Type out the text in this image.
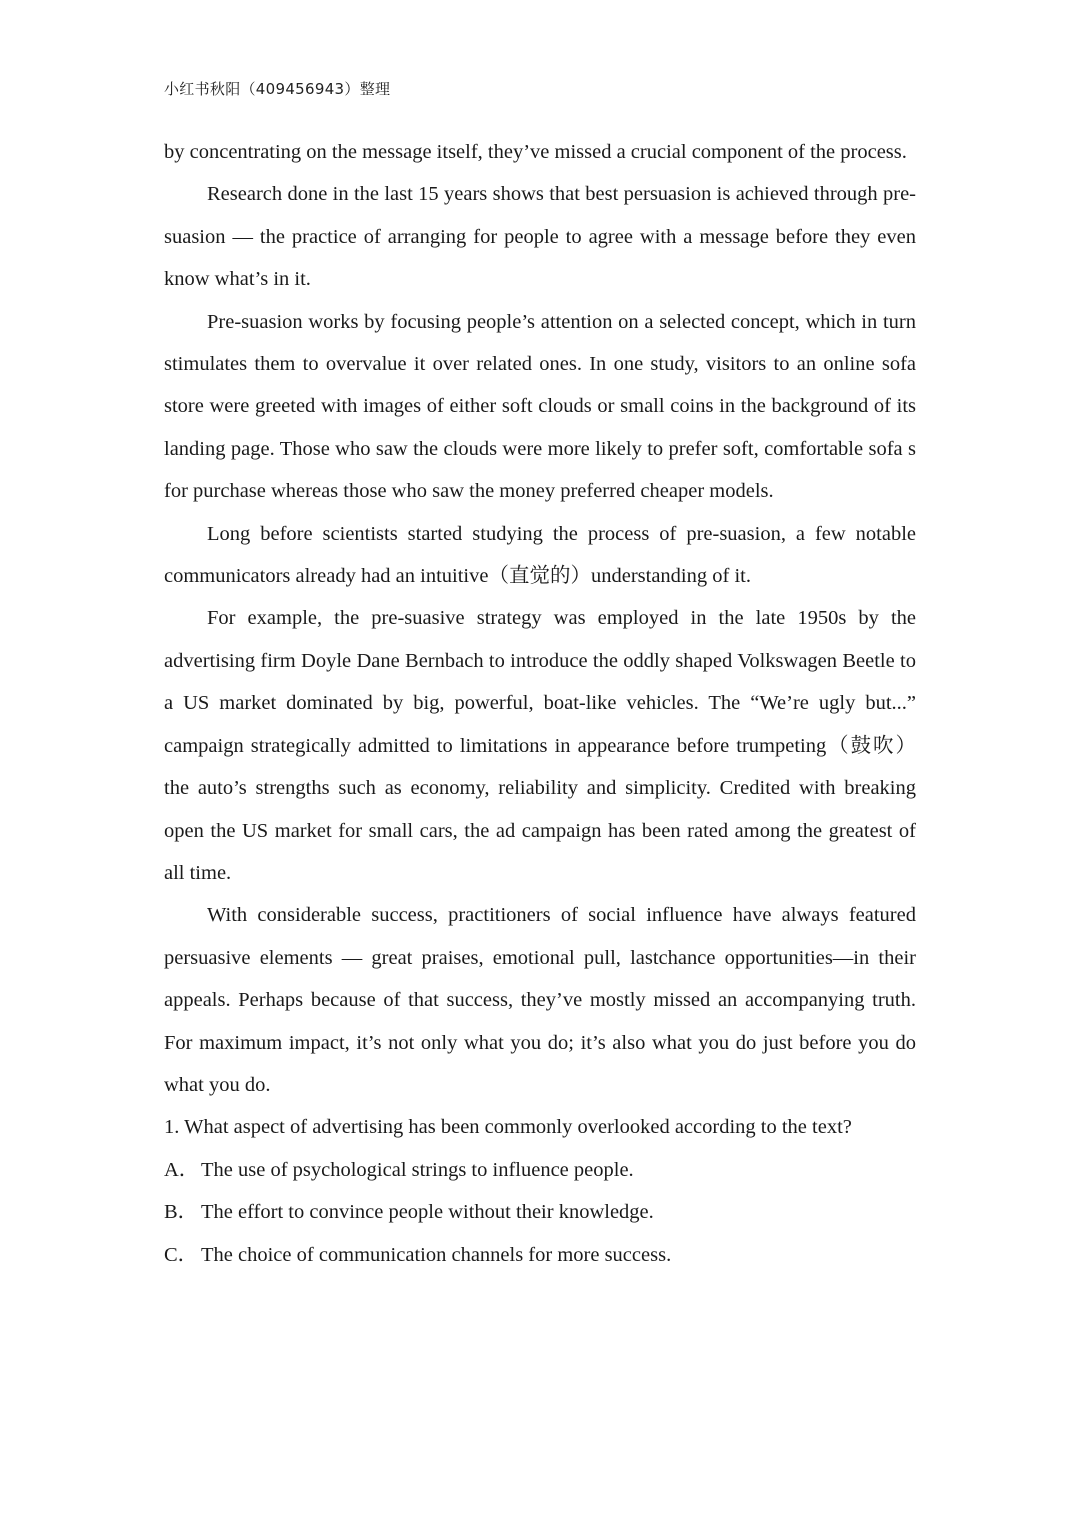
小红书秋阳（409456943）整理

by concentrating on the message itself, they’ve missed a crucial component of the process.

Research done in the last 15 years shows that best persuasion is achieved through pre-suasion — the practice of arranging for people to agree with a message before they even know what’s in it.

Pre-suasion works by focusing people’s attention on a selected concept, which in turn stimulates them to overvalue it over related ones. In one study, visitors to an online sofa store were greeted with images of either soft clouds or small coins in the background of its landing page. Those who saw the clouds were more likely to prefer soft, comfortable sofa s for purchase whereas those who saw the money preferred cheaper models.

Long before scientists started studying the process of pre-suasion, a few notable communicators already had an intuitive（直觉的）understanding of it.

For example, the pre-suasive strategy was employed in the late 1950s by the advertising firm Doyle Dane Bernbach to introduce the oddly shaped Volkswagen Beetle to a US market dominated by big, powerful, boat-like vehicles. The “We’re ugly but...” campaign strategically admitted to limitations in appearance before trumpeting（鼓吹）the auto’s strengths such as economy, reliability and simplicity. Credited with breaking open the US market for small cars, the ad campaign has been rated among the greatest of all time.

With considerable success, practitioners of social influence have always featured persuasive elements — great praises, emotional pull, lastchance opportunities—in their appeals. Perhaps because of that success, they’ve mostly missed an accompanying truth. For maximum impact, it’s not only what you do; it’s also what you do just before you do what you do.

1. What aspect of advertising has been commonly overlooked according to the text?

A．The use of psychological strings to influence people.

B． The effort to convince people without their knowledge.

C． The choice of communication channels for more success.
